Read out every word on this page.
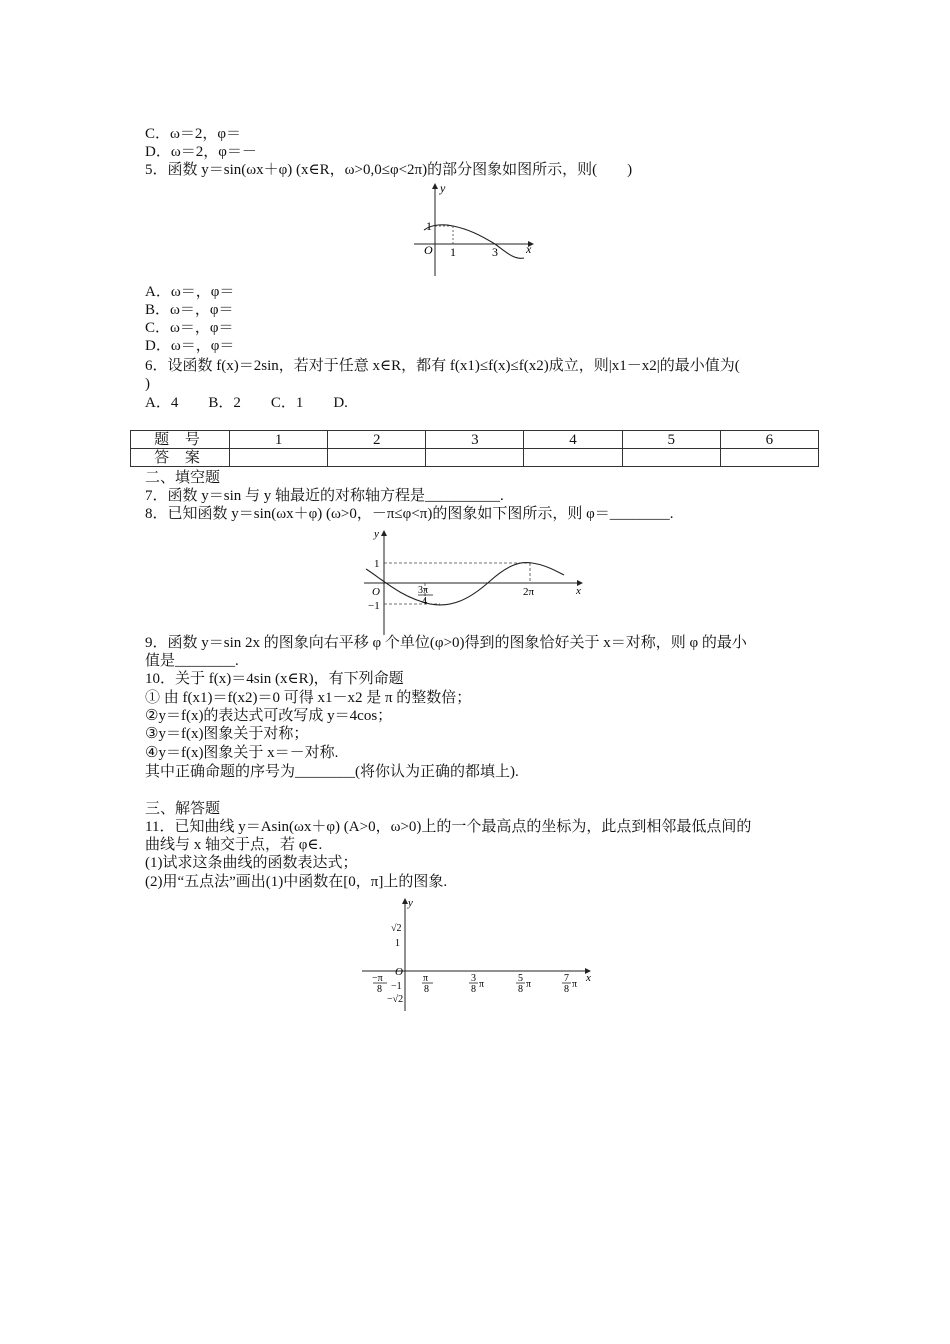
C．ω＝2，φ＝
D．ω＝2，φ＝－
5．函数 y＝sin(ωx＋φ) (x∈R，ω>0,0≤φ<2π)的部分图象如图所示，则(　　)
y
x
O
1
1	3
A．ω＝，φ＝
B．ω＝，φ＝
C．ω＝，φ＝
D．ω＝，φ＝
6．设函数 f(x)＝2sin，若对于任意 x∈R，都有 f(x1)≤f(x)≤f(x2)成立，则|x1－x2|的最小值为(
)
A．4　　B．2　　C．1　　D.
题 号	1	2	3	4	5	6
答 案						
二、填空题
7．函数 y＝sin 与 y 轴最近的对称轴方程是__________.
8．已知函数 y＝sin(ωx＋φ) (ω>0，－π≤φ<π)的图象如下图所示，则 φ＝________.
y
x
O
1
−1
3π
4
2π
9．函数 y＝sin 2x 的图象向右平移 φ 个单位(φ>0)得到的图象恰好关于 x＝对称，则 φ 的最小
值是________.
10．关于 f(x)＝4sin (x∈R)，有下列命题
① 由 f(x1)＝f(x2)＝0 可得 x1－x2 是 π 的整数倍；
②y＝f(x)的表达式可改写成 y＝4cos；
③y＝f(x)图象关于对称；
④y＝f(x)图象关于 x＝－对称.
其中正确命题的序号为________(将你认为正确的都填上).
三、解答题
11．已知曲线 y＝Asin(ωx＋φ) (A>0，ω>0)上的一个最高点的坐标为，此点到相邻最低点间的
曲线与 x 轴交于点，若 φ∈.
(1)试求这条曲线的函数表达式；
(2)用“五点法”画出(1)中函数在[0，π]上的图象.
y
x
O
√2
1
−1
−√2
−π
8
π
8
3
8 π
5
8 π
7
8 π
